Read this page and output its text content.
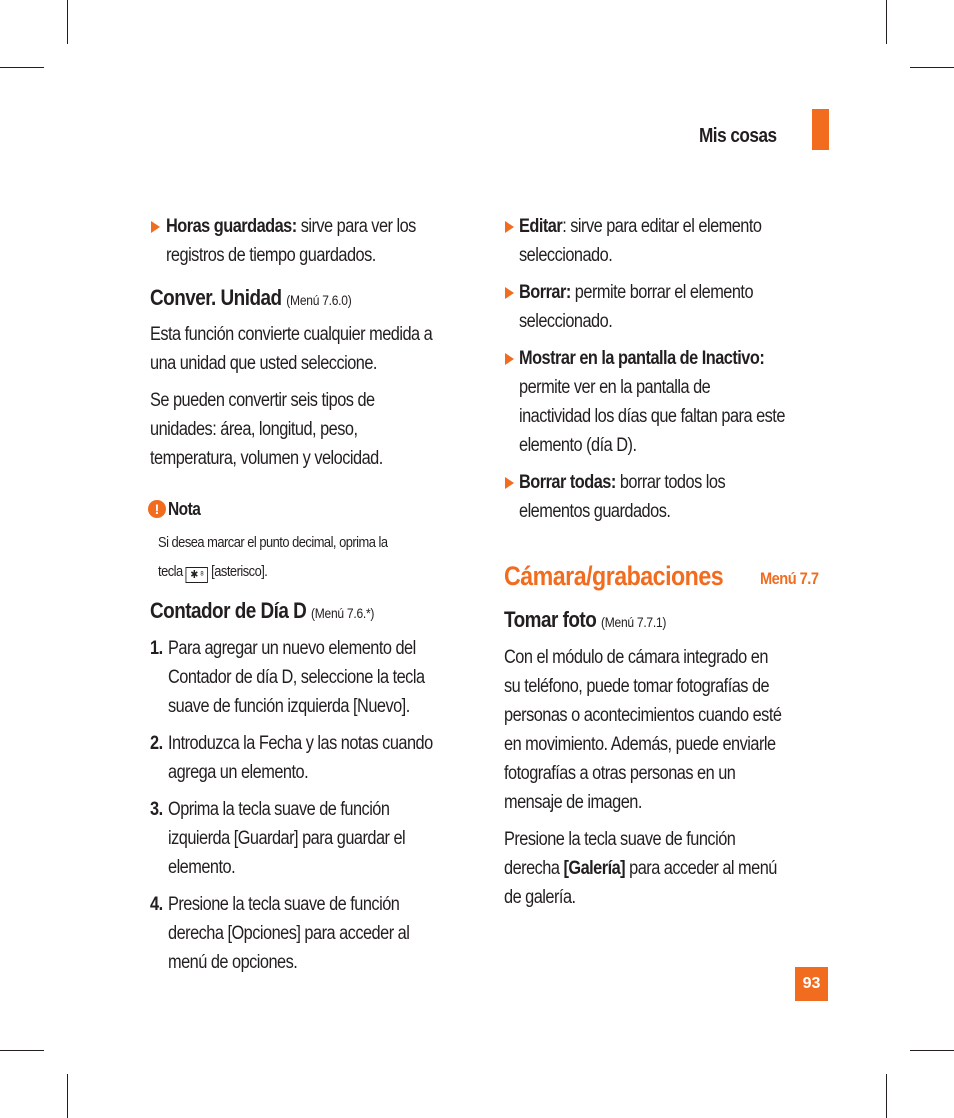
Mis cosas
93
Horas guardadas: sirve para ver los
registros de tiempo guardados.
Conver. Unidad (Menú 7.6.0)
Esta función convierte cualquier medida a
una unidad que usted seleccione.
Se pueden convertir seis tipos de
unidades: área, longitud, peso,
temperatura, volumen y velocidad.
! Nota
Si desea marcar el punto decimal, oprima la
tecla ✱ ⁸ [asterisco].
Contador de Día D (Menú 7.6.*)
1. Para agregar un nuevo elemento del
Contador de día D, seleccione la tecla
suave de función izquierda [Nuevo].
2. Introduzca la Fecha y las notas cuando
agrega un elemento.
3. Oprima la tecla suave de función
izquierda [Guardar] para guardar el
elemento.
4. Presione la tecla suave de función
derecha [Opciones] para acceder al
menú de opciones.
Editar: sirve para editar el elemento
seleccionado.
Borrar: permite borrar el elemento
seleccionado.
Mostrar en la pantalla de Inactivo:
permite ver en la pantalla de
inactividad los días que faltan para este
elemento (día D).
Borrar todas: borrar todos los
elementos guardados.
Cámara/grabaciones Menú 7.7
Tomar foto (Menú 7.7.1)
Con el módulo de cámara integrado en
su teléfono, puede tomar fotografías de
personas o acontecimientos cuando esté
en movimiento. Además, puede enviarle
fotografías a otras personas en un
mensaje de imagen.
Presione la tecla suave de función
derecha [Galería] para acceder al menú
de galería.
